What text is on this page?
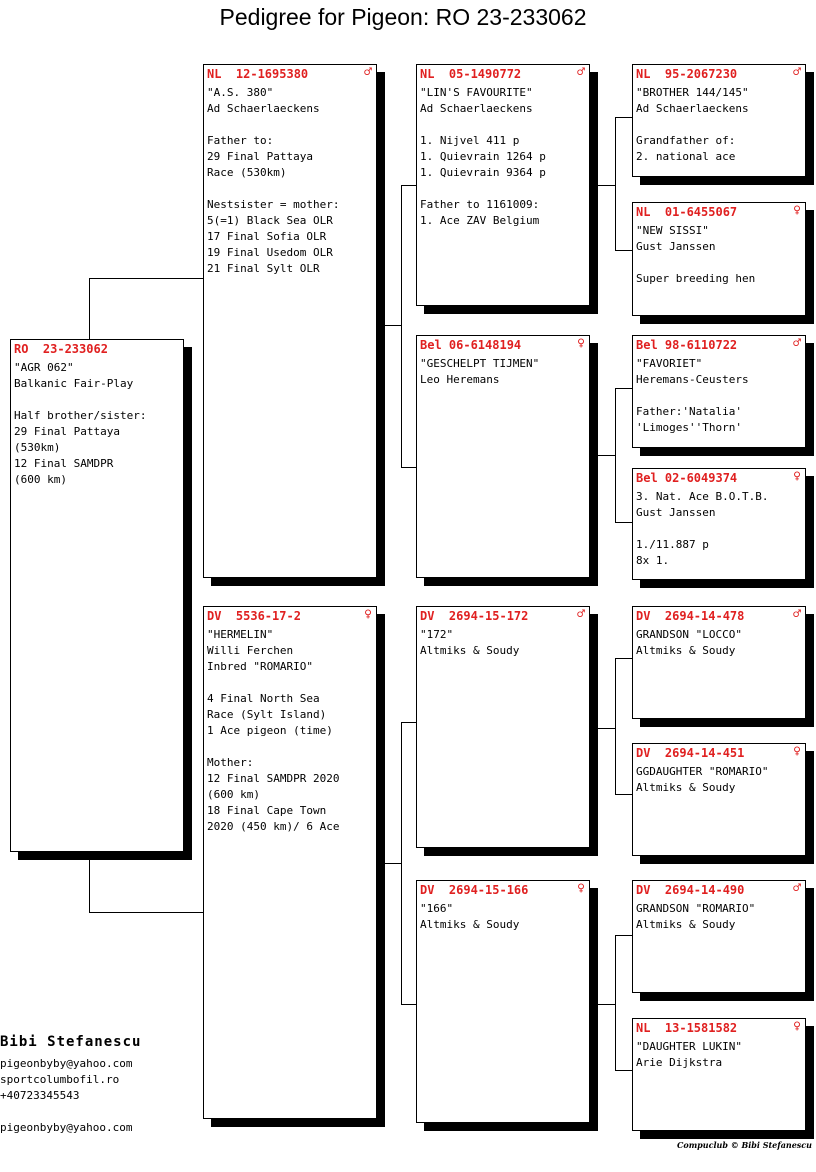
Pedigree for Pigeon: RO 23-233062
RO  23-233062
"AGR 062"
Balkanic Fair-Play
Half brother/sister:
29 Final Pattaya
(530km)
12 Final SAMDPR
(600 km)
NL  12-1695380	♂
"A.S. 380"
Ad Schaerlaeckens
Father to:
29 Final Pattaya
Race (530km)
Nestsister = mother:
5(=1) Black Sea OLR
17 Final Sofia OLR
19 Final Usedom OLR
21 Final Sylt OLR
DV  5536-17-2	♀
"HERMELIN"
Willi Ferchen
Inbred "ROMARIO"
4 Final North Sea
Race (Sylt Island)
1 Ace pigeon (time)
Mother:
12 Final SAMDPR 2020
(600 km)
18 Final Cape Town
2020 (450 km)/ 6 Ace
NL  05-1490772	♂
"LIN'S FAVOURITE"
Ad Schaerlaeckens
1. Nijvel 411 p
1. Quievrain 1264 p
1. Quievrain 9364 p
Father to 1161009:
1. Ace ZAV Belgium
Bel 06-6148194	♀
"GESCHELPT TIJMEN"
Leo Heremans
DV  2694-15-172	♂
"172"
Altmiks & Soudy
DV  2694-15-166	♀
"166"
Altmiks & Soudy
NL  95-2067230	♂
"BROTHER 144/145"
Ad Schaerlaeckens
Grandfather of:
2. national ace
NL  01-6455067	♀
"NEW SISSI"
Gust Janssen
Super breeding hen
Bel 98-6110722	♂
"FAVORIET"
Heremans-Ceusters
Father:'Natalia'
'Limoges''Thorn'
Bel 02-6049374	♀
3. Nat. Ace B.O.T.B.
Gust Janssen
1./11.887 p
8x 1.
DV  2694-14-478	♂
GRANDSON "LOCCO"
Altmiks & Soudy
DV  2694-14-451	♀
GGDAUGHTER "ROMARIO"
Altmiks & Soudy
DV  2694-14-490	♂
GRANDSON "ROMARIO"
Altmiks & Soudy
NL  13-1581582	♀
"DAUGHTER LUKIN"
Arie Dijkstra
Bibi Stefanescu
pigeonbyby@yahoo.com
sportcolumbofil.ro
+40723345543
pigeonbyby@yahoo.com
Compuclub © Bibi Stefanescu
